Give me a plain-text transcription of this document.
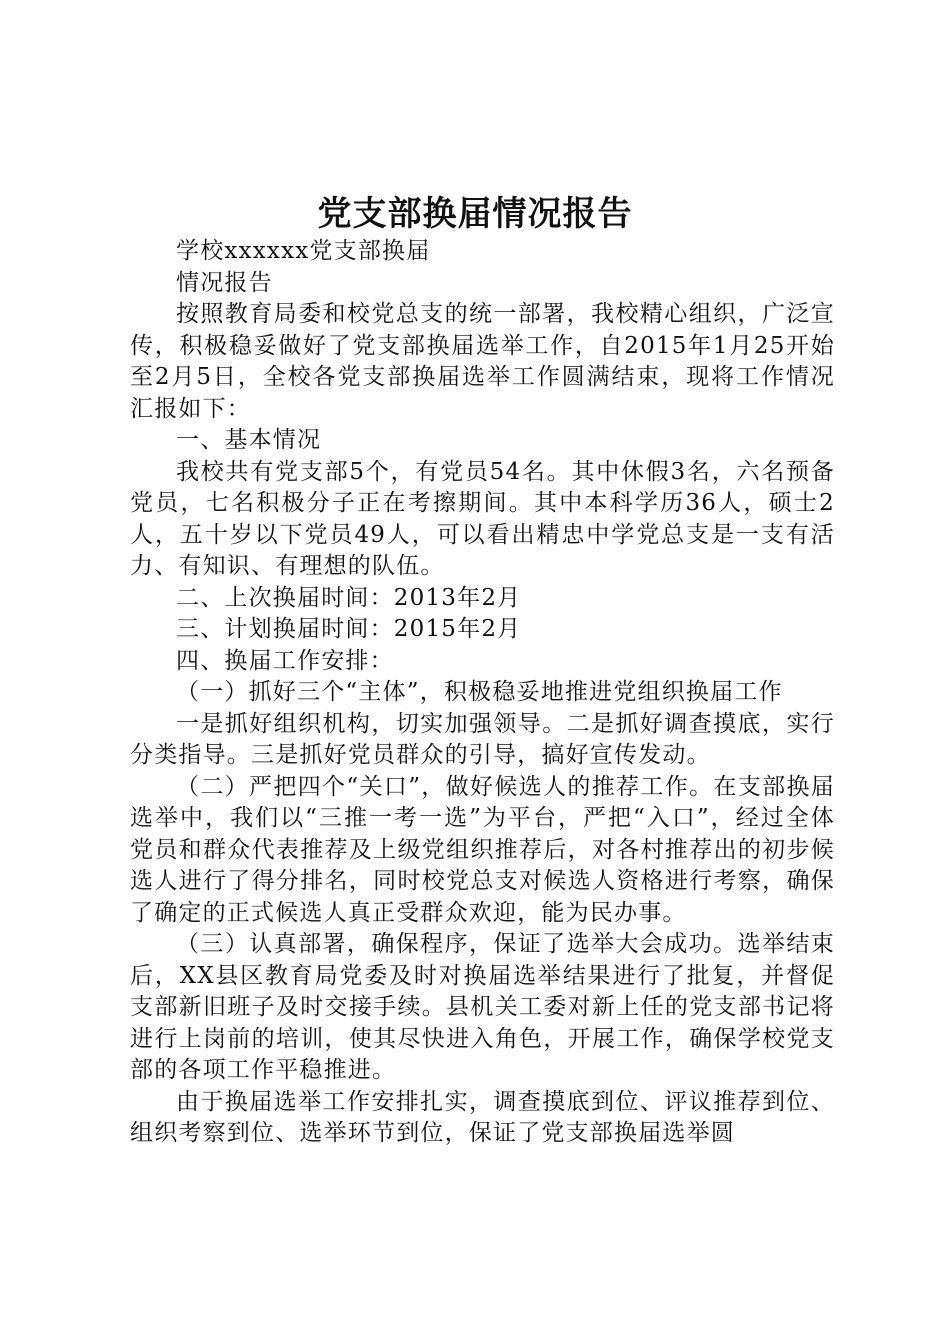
党支部换届情况报告

学校xxxxxx党支部换届

情况报告

按照教育局委和校党总支的统一部署，我校精心组织，广泛宣传，积极稳妥做好了党支部换届选举工作，自2015年1月25开始至2月5日，全校各党支部换届选举工作圆满结束，现将工作情况汇报如下：

一、基本情况

我校共有党支部5个，有党员54名。其中休假3名，六名预备党员，七名积极分子正在考擦期间。其中本科学历36人，硕士2人，五十岁以下党员49人，可以看出精忠中学党总支是一支有活力、有知识、有理想的队伍。

二、上次换届时间：2013年2月

三、计划换届时间：2015年2月

四、换届工作安排：

（一）抓好三个“主体”，积极稳妥地推进党组织换届工作

一是抓好组织机构，切实加强领导。二是抓好调查摸底，实行分类指导。三是抓好党员群众的引导，搞好宣传发动。

（二）严把四个“关口”，做好候选人的推荐工作。在支部换届选举中，我们以“三推一考一选”为平台，严把“入口”，经过全体党员和群众代表推荐及上级党组织推荐后，对各村推荐出的初步候选人进行了得分排名，同时校党总支对候选人资格进行考察，确保了确定的正式候选人真正受群众欢迎，能为民办事。

（三）认真部署，确保程序，保证了选举大会成功。选举结束后，XX县区教育局党委及时对换届选举结果进行了批复，并督促支部新旧班子及时交接手续。县机关工委对新上任的党支部书记将进行上岗前的培训，使其尽快进入角色，开展工作，确保学校党支部的各项工作平稳推进。

由于换届选举工作安排扎实，调查摸底到位、评议推荐到位、组织考察到位、选举环节到位，保证了党支部换届选举圆
